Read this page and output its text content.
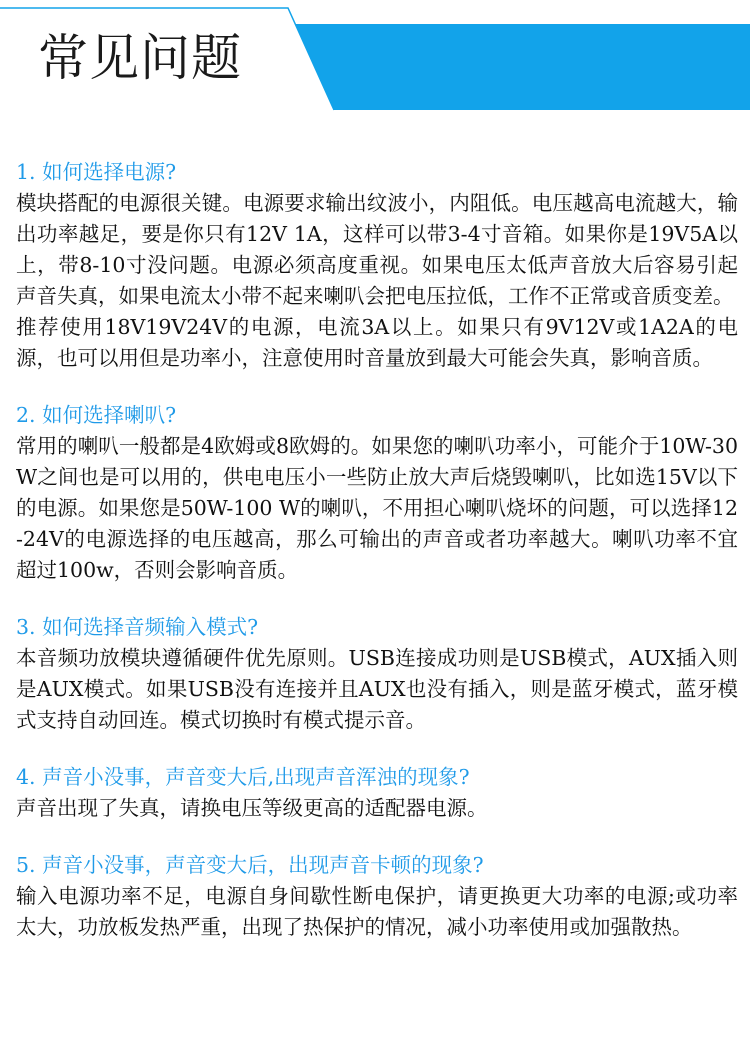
常见问题

1. 如何选择电源?

模块搭配的电源很关键。电源要求输出纹波小，内阻低。电压越高电流越大，输出功率越足，要是你只有12V 1A，这样可以带3-4寸音箱。如果你是19V5A以上，带8-10寸没问题。电源必须高度重视。如果电压太低声音放大后容易引起声音失真，如果电流太小带不起来喇叭会把电压拉低，工作不正常或音质变差。

推荐使用18V19V24V的电源，电流3A以上。如果只有9V12V或1A2A的电源，也可以用但是功率小，注意使用时音量放到最大可能会失真，影响音质。

2. 如何选择喇叭?

常用的喇叭一般都是4欧姆或8欧姆的。如果您的喇叭功率小，可能介于10W-30W之间也是可以用的，供电电压小一些防止放大声后烧毁喇叭，比如选15V以下的电源。如果您是50W-100 W的喇叭，不用担心喇叭烧坏的问题，可以选择12-24V的电源选择的电压越高，那么可输出的声音或者功率越大。喇叭功率不宜超过100w，否则会影响音质。

3. 如何选择音频输入模式?

本音频功放模块遵循硬件优先原则。USB连接成功则是USB模式，AUX插入则是AUX模式。如果USB没有连接并且AUX也没有插入，则是蓝牙模式，蓝牙模式支持自动回连。模式切换时有模式提示音。

4. 声音小没事，声音变大后,出现声音浑浊的现象?

声音出现了失真，请换电压等级更高的适配器电源。

5. 声音小没事，声音变大后，出现声音卡顿的现象?

输入电源功率不足，电源自身间歇性断电保护，请更换更大功率的电源;或功率太大，功放板发热严重，出现了热保护的情况，减小功率使用或加强散热。
